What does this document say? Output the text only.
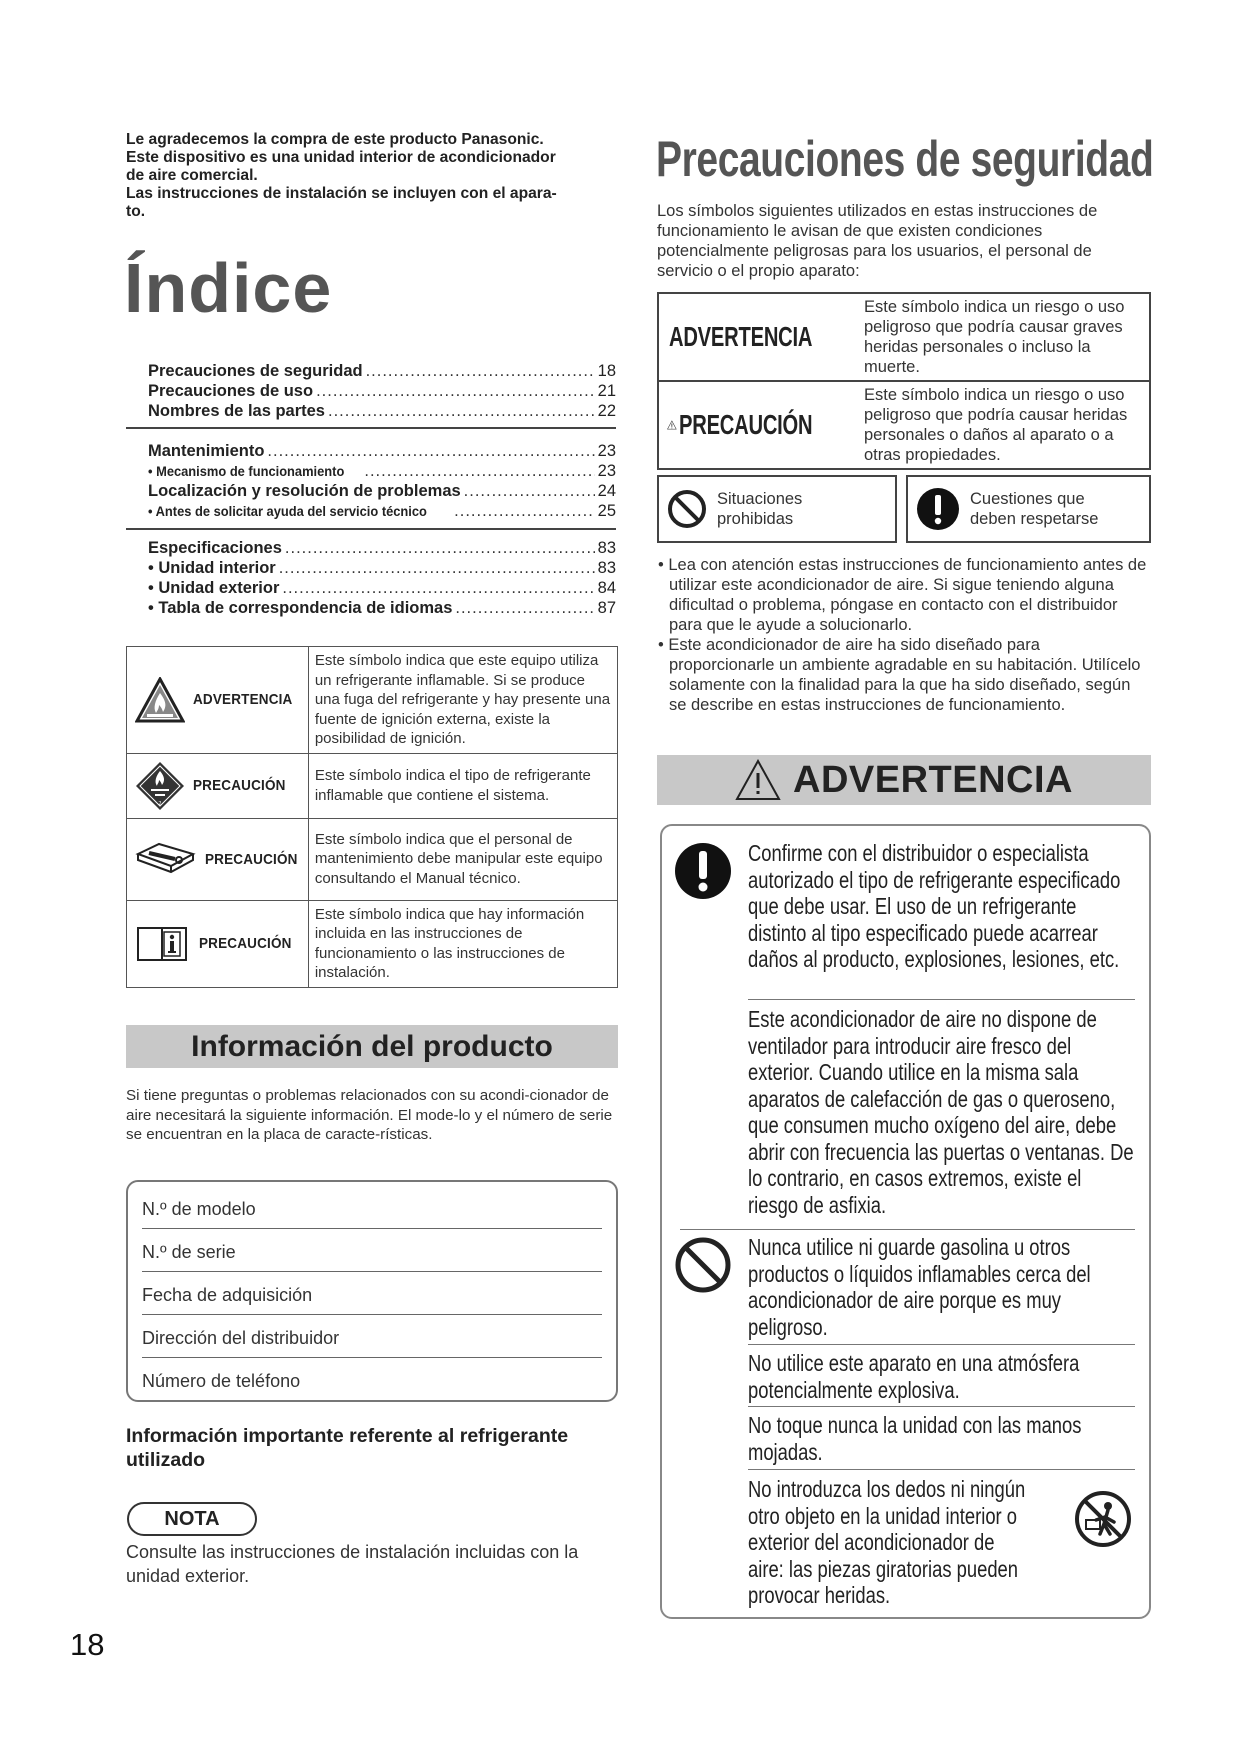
Le agradecemos la compra de este producto Panasonic.

Este dispositivo es una unidad interior de acondicionador

de aire comercial.

Las instrucciones de instalación se incluyen con el apara-

to.

Índice
Precauciones de seguridad .....	18
Precauciones de uso .....	21
Nombres de las partes .....	22
Mantenimiento .....	23
• Mecanismo de funcionamiento .....	23
Localización y resolución de problemas .....	24
• Antes de solicitar ayuda del servicio técnico .....	25
Especificaciones .....	83
• Unidad interior .....	83
• Unidad exterior .....	84
• Tabla de correspondencia de idiomas .....	87
ADVERTENCIA	Este símbolo indica que este equipo utiliza un refrigerante inflamable. Si se produce una fuga del refrigerante y hay presente una fuente de ignición externa, existe la posibilidad de ignición.

2
PRECAUCIÓN	Este símbolo indica el tipo de refrigerante inflamable que contiene el sistema.

PRECAUCIÓN	Este símbolo indica que el personal de mantenimiento debe manipular este equipo consultando el Manual técnico.

PRECAUCIÓN	Este símbolo indica que hay información incluida en las instrucciones de funcionamiento o las instrucciones de instalación.
Información del producto
Si tiene preguntas o problemas relacionados con su acondi-cionador de aire necesitará la siguiente información. El mode-lo y el número de serie se encuentran en la placa de caracte-rísticas.
N.º de modelo
N.º de serie
Fecha de adquisición
Dirección del distribuidor
Número de teléfono
Información importante referente al refrigerante utilizado
NOTA
Consulte las instrucciones de instalación incluidas con la unidad exterior.
18
Precauciones de seguridad
Los símbolos siguientes utilizados en estas instrucciones de funcionamiento le avisan de que existen condiciones potencialmente peligrosas para los usuarios, el personal de servicio o el propio aparato:
ADVERTENCIA
Este símbolo indica un riesgo o uso peligroso que podría causar graves heridas personales o incluso la muerte.
PRECAUCIÓN
Este símbolo indica un riesgo o uso peligroso que podría causar heridas personales o daños al aparato o a otras propiedades.
Situaciones prohibidas
Cuestiones que deben respetarse
• Lea con atención estas instrucciones de funcionamiento antes de utilizar este acondicionador de aire. Si sigue teniendo alguna dificultad o problema, póngase en contacto con el distribuidor para que le ayude a solucionarlo.
• Este acondicionador de aire ha sido diseñado para proporcionarle un ambiente agradable en su habitación. Utilícelo solamente con la finalidad para la que ha sido diseñado, según se describe en estas instrucciones de funcionamiento.
ADVERTENCIA
Confirme con el distribuidor o especialista autorizado el tipo de refrigerante especificado que debe usar. El uso de un refrigerante distinto al tipo especificado puede acarrear daños al producto, explosiones, lesiones, etc.
Este acondicionador de aire no dispone de ventilador para introducir aire fresco del exterior. Cuando utilice en la misma sala aparatos de calefacción de gas o queroseno, que consumen mucho oxígeno del aire, debe abrir con frecuencia las puertas o ventanas. De lo contrario, en casos extremos, existe el riesgo de asfixia.
Nunca utilice ni guarde gasolina u otros productos o líquidos inflamables cerca del acondicionador de aire porque es muy peligroso.
No utilice este aparato en una atmósfera potencialmente explosiva.
No toque nunca la unidad con las manos mojadas.
No introduzca los dedos ni ningún otro objeto en la unidad interior o exterior del acondicionador de aire: las piezas giratorias pueden provocar heridas.
